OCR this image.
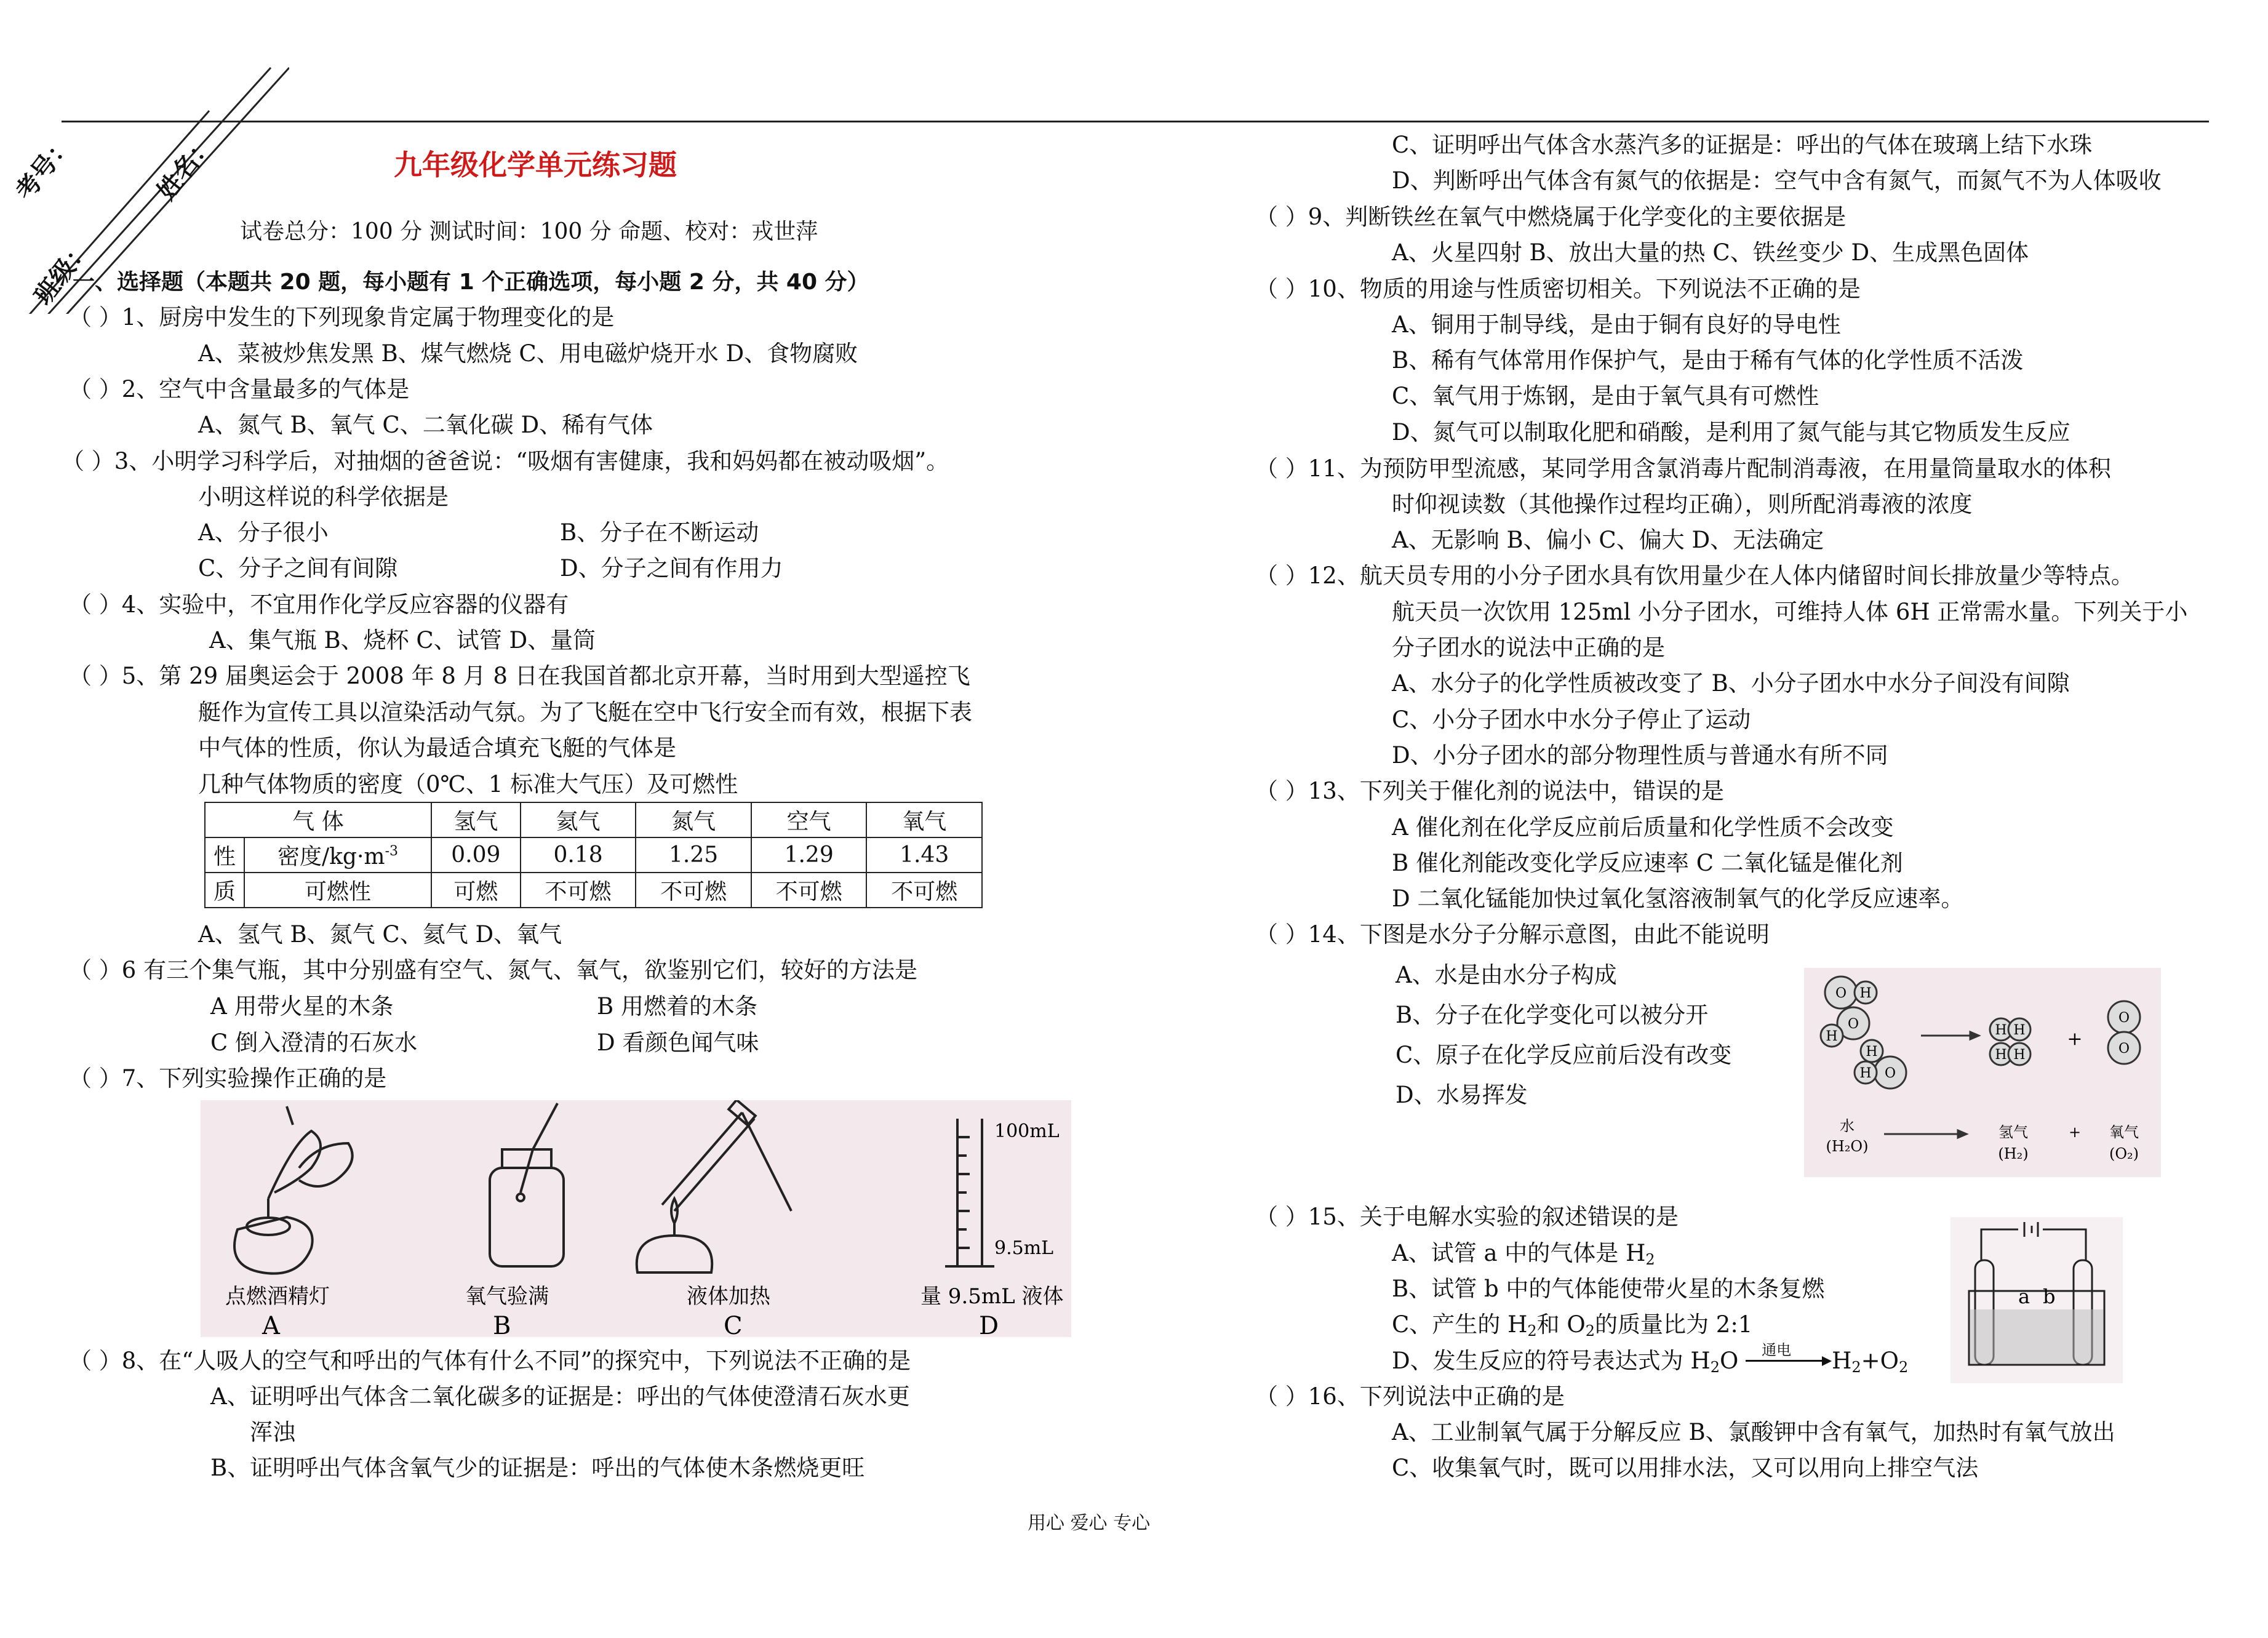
考号：	姓名：
班级：
九年级化学单元练习题
试卷总分：100 分 测试时间：100 分 命题、校对：戎世萍
一、选择题（本题共 20 题，每小题有 1 个正确选项，每小题 2 分，共 40 分）
（ ）1、厨房中发生的下列现象肯定属于物理变化的是
A、菜被炒焦发黑 B、煤气燃烧 C、用电磁炉烧开水 D、食物腐败
（ ）2、空气中含量最多的气体是
A、氮气 B、氧气 C、二氧化碳 D、稀有气体
（ ）3、小明学习科学后，对抽烟的爸爸说：“吸烟有害健康，我和妈妈都在被动吸烟”。
小明这样说的科学依据是
A、分子很小	B、分子在不断运动
C、分子之间有间隙	D、分子之间有作用力
（ ）4、实验中，不宜用作化学反应容器的仪器有
A、集气瓶 B、烧杯 C、试管 D、量筒
（ ）5、第 29 届奥运会于 2008 年 8 月 8 日在我国首都北京开幕，当时用到大型遥控飞
艇作为宣传工具以渲染活动气氛。为了飞艇在空中飞行安全而有效，根据下表
中气体的性质，你认为最适合填充飞艇的气体是
几种气体物质的密度（0℃、1 标准大气压）及可燃性
气 体		氢气	氦气	氮气	空气	氧气
性	密度$/kg\cdot m^{-3}$	0.09	0.18	1.25	1.29	1.43
质	可燃性	可燃	不可燃	不可燃	不可燃	不可燃
A、氢气 B、氮气 C、氦气 D、氧气
（ ）6 有三个集气瓶，其中分别盛有空气、氮气、氧气，欲鉴别它们，较好的方法是
A 用带火星的木条	B 用燃着的木条
C 倒入澄清的石灰水	D 看颜色闻气味
（ ）7、下列实验操作正确的是
点燃酒精灯
A
氧气验满
B
液体加热
C
量 9.5mL 液体
D
100mL
9.5mL
（ ）8、在“人吸人的空气和呼出的气体有什么不同”的探究中，下列说法不正确的是
A、证明呼出气体含二氧化碳多的证据是：呼出的气体使澄清石灰水更
浑浊
B、证明呼出气体含氧气少的证据是：呼出的气体使木条燃烧更旺
C、证明呼出气体含水蒸汽多的证据是：呼出的气体在玻璃上结下水珠
D、判断呼出气体含有氮气的依据是：空气中含有氮气，而氮气不为人体吸收
（ ）9、判断铁丝在氧气中燃烧属于化学变化的主要依据是
A、火星四射 B、放出大量的热 C、铁丝变少 D、生成黑色固体
（ ）10、物质的用途与性质密切相关。下列说法不正确的是
A、铜用于制导线，是由于铜有良好的导电性
B、稀有气体常用作保护气，是由于稀有气体的化学性质不活泼
C、氧气用于炼钢，是由于氧气具有可燃性
D、氮气可以制取化肥和硝酸，是利用了氮气能与其它物质发生反应
（ ）11、为预防甲型流感，某同学用含氯消毒片配制消毒液，在用量筒量取水的体积
时仰视读数（其他操作过程均正确），则所配消毒液的浓度
A、无影响 B、偏小 C、偏大 D、无法确定
（ ）12、航天员专用的小分子团水具有饮用量少在人体内储留时间长排放量少等特点。
航天员一次饮用 125ml 小分子团水，可维持人体 6H 正常需水量。下列关于小
分子团水的说法中正确的是
A、水分子的化学性质被改变了 B、小分子团水中水分子间没有间隙
C、小分子团水中水分子停止了运动
D、小分子团水的部分物理性质与普通水有所不同
（ ）13、下列关于催化剂的说法中，错误的是
A 催化剂在化学反应前后质量和化学性质不会改变
B 催化剂能改变化学反应速率 C 二氧化锰是催化剂
D 二氧化锰能加快过氧化氢溶液制氧气的化学反应速率。
（ ）14、下图是水分子分解示意图，由此不能说明
A、水是由水分子构成
B、分子在化学变化可以被分开
C、原子在化学反应前后没有改变
D、水易挥发
O H
O
H
H
O
H
H H
H H
O
O
+
水
(H₂O)
氢气
(H₂)
+ 氧气
(O₂)
（ ）15、关于电解水实验的叙述错误的是
A、试管 a 中的气体是 $H_2$
B、试管 b 中的气体能使带火星的木条复燃
C、产生的 $H_2$和 $O_2$的质量比为 2:1
D、发生反应的符号表达式为 $H_2O$ 通电 $H_2+O_2$
a b
（ ）16、下列说法中正确的是
A、工业制氧气属于分解反应 B、氯酸钾中含有氧气，加热时有氧气放出
C、收集氧气时，既可以用排水法，又可以用向上排空气法
用心 爱心 专心
